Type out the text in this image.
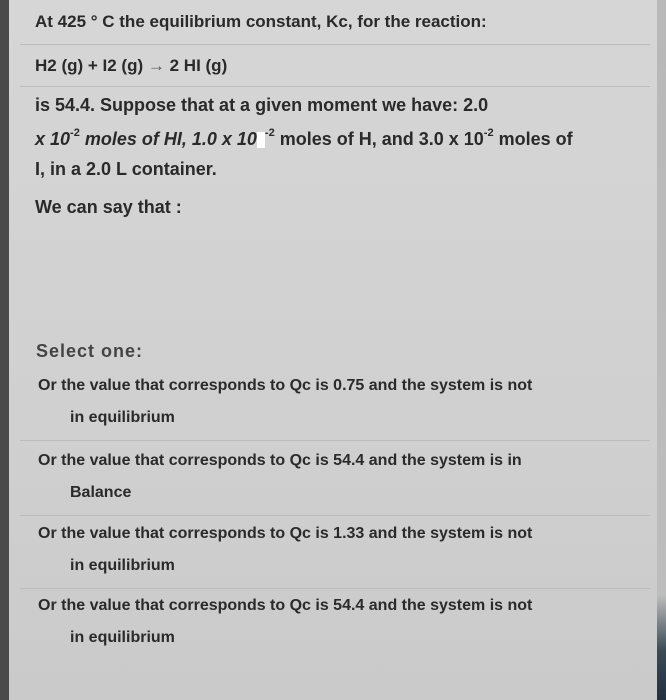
At 425 ° C the equilibrium constant, Kc, for the reaction:
H2 (g) + I2 (g) → 2 HI (g)
is 54.4. Suppose that at a given moment we have: 2.0
x $10^{-2}$ moles of HI, 1.0 x 10 $^{-2}$ moles of H, and 3.0 x $10^{-2}$ moles of
I, in a 2.0 L container.
We can say that :
Select one:
Or the value that corresponds to Qc is 0.75 and the system is not
in equilibrium
Or the value that corresponds to Qc is 54.4 and the system is in
Balance
Or the value that corresponds to Qc is 1.33 and the system is not
in equilibrium
Or the value that corresponds to Qc is 54.4 and the system is not
in equilibrium
